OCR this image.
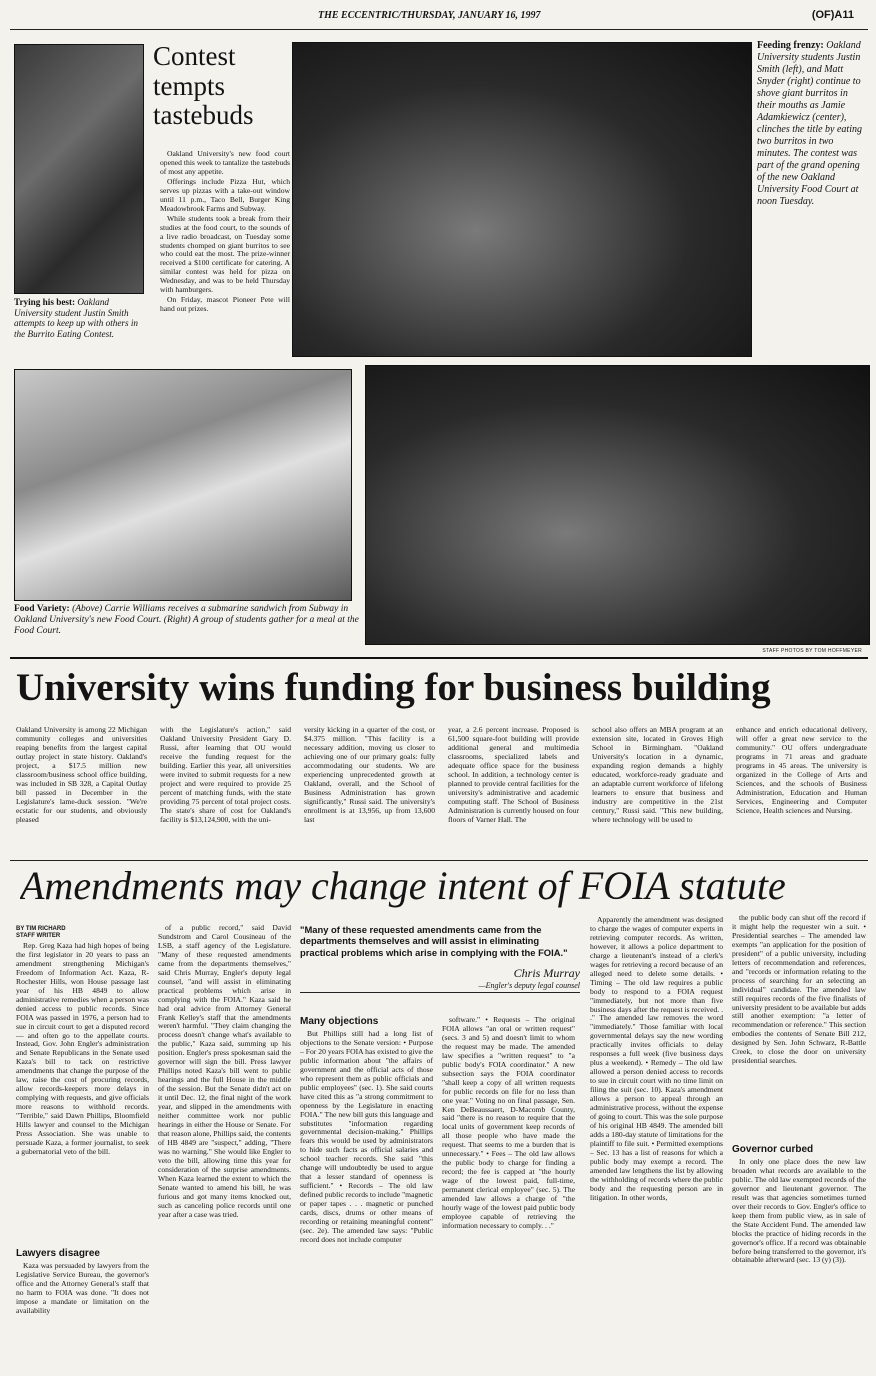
THE ECCENTRIC/THURSDAY, JANUARY 16, 1997	(OF)A11
Trying his best: Oakland University student Justin Smith attempts to keep up with others in the Burrito Eating Contest.
Contest tempts tastebuds

Oakland University's new food court opened this week to tantalize the tastebuds of most any appetite.

Offerings include Pizza Hut, which serves up pizzas with a take-out window until 11 p.m., Taco Bell, Burger King Meadowbrook Farms and Subway.

While students took a break from their studies at the food court, to the sounds of a live radio broadcast, on Tuesday some students chomped on giant burritos to see who could eat the most. The prize-winner received a $100 certificate for catering. A similar contest was held for pizza on Wednesday, and was to be held Thursday with hamburgers.

On Friday, mascot Pioneer Pete will hand out prizes.

Feeding frenzy: Oakland University students Justin Smith (left), and Matt Snyder (right) continue to shove giant burritos in their mouths as Jamie Adamkiewicz (center), clinches the title by eating two burritos in two minutes. The contest was part of the grand opening of the new Oakland University Food Court at noon Tuesday.
Food Variety: (Above) Carrie Williams receives a submarine sandwich from Subway in Oakland University's new Food Court. (Right) A group of students gather for a meal at the Food Court.
STAFF PHOTOS BY TOM HOFFMEYER
University wins funding for business building
Oakland University is among 22 Michigan community colleges and universities reaping benefits from the largest capital outlay project in state history. Oakland's project, a $17.5 million new classroom/business school office building, was included in SB 328, a Capital Outlay bill passed in December in the Legislature's lame-duck session. "We're ecstatic for our students, and obviously pleased
with the Legislature's action," said Oakland University President Gary D. Russi, after learning that OU would receive the funding request for the building. Earlier this year, all universities were invited to submit requests for a new project and were required to provide 25 percent of matching funds, with the state providing 75 percent of total project costs. The state's share of cost for Oakland's facility is $13,124,900, with the uni-
versity kicking in a quarter of the cost, or $4.375 million. "This facility is a necessary addition, moving us closer to achieving one of our primary goals: fully accommodating our students. We are experiencing unprecedented growth at Oakland, overall, and the School of Business Administration has grown significantly," Russi said. The university's enrollment is at 13,956, up from 13,600 last
year, a 2.6 percent increase. Proposed is 61,500 square-foot building will provide additional general and multimedia classrooms, specialized labels and adequate office space for the business school. In addition, a technology center is planned to provide central facilities for the university's administrative and academic computing staff. The School of Business Administration is currently housed on four floors of Varner Hall. The
school also offers an MBA program at an extension site, located in Groves High School in Birmingham. "Oakland University's location in a dynamic, expanding region demands a highly educated, workforce-ready graduate and an adaptable current workforce of lifelong learners to ensure that business and industry are competitive in the 21st century," Russi said. "This new building, where technology will be used to
enhance and enrich educational delivery, will offer a great new service to the community." OU offers undergraduate programs in 71 areas and graduate programs in 45 areas. The university is organized in the College of Arts and Sciences, and the schools of Business Administration, Education and Human Services, Engineering and Computer Science, Health sciences and Nursing.
Amendments may change intent of FOIA statute
BY TIM RICHARD
STAFF WRITER

Rep. Greg Kaza had high hopes of being the first legislator in 20 years to pass an amendment strengthening Michigan's Freedom of Information Act. Kaza, R-Rochester Hills, won House passage last year of his HB 4849 to allow administrative remedies when a person was denied access to public records. Since FOIA was passed in 1976, a person had to sue in circuit court to get a disputed record — and often go to the appellate courts. Instead, Gov. John Engler's administration and Senate Republicans in the Senate used Kaza's bill to tack on restrictive amendments that change the purpose of the law, raise the cost of procuring records, allow records-keepers more delays in complying with requests, and give officials more reasons to withhold records. "Terrible," said Dawn Phillips, Bloomfield Hills lawyer and counsel to the Michigan Press Association. She was unable to persuade Kaza, a former journalist, to seek a gubernatorial veto of the bill.

Lawyers disagree

Kaza was persuaded by lawyers from the Legislative Service Bureau, the governor's office and the Attorney General's staff that no harm to FOIA was done. "It does not impose a mandate or limitation on the availability

of a public record," said David Sundstrom and Carol Cousineau of the LSB, a staff agency of the Legislature. "Many of these requested amendments came from the departments themselves," said Chris Murray, Engler's deputy legal counsel, "and will assist in eliminating practical problems which arise in complying with the FOIA." Kaza said he had oral advice from Attorney General Frank Kelley's staff that the amendments weren't harmful. "They claim changing the process doesn't change what's available to the public," Kaza said, summing up his position. Engler's press spokesman said the governor will sign the bill. Press lawyer Phillips noted Kaza's bill went to public hearings and the full House in the middle of the session. But the Senate didn't act on it until Dec. 12, the final night of the work year, and slipped in the amendments with neither committee work nor public hearings in either the House or Senate. For that reason alone, Phillips said, the contents of HB 4849 are "suspect," adding, "There was no warning." She would like Engler to veto the bill, allowing time this year for consideration of the surprise amendments. When Kaza learned the extent to which the Senate wanted to amend his bill, he was furious and got many items knocked out, such as canceling police records until one year after a case was tried.

"Many of these requested amendments came from the departments themselves and will assist in eliminating practical problems which arise in complying with the FOIA."
Chris Murray
—Engler's deputy legal counsel
Many objections

But Phillips still had a long list of objections to the Senate version: • Purpose – For 20 years FOIA has existed to give the public information about "the affairs of government and the official acts of those who represent them as public officials and public employees" (sec. 1). She said courts have cited this as "a strong commitment to openness by the Legislature in enacting FOIA." The new bill guts this language and substitutes "information regarding governmental decision-making." Phillips fears this would be used by administrators to hide such facts as official salaries and school teacher records. She said "this change will undoubtedly be used to argue that a lesser standard of openness is sufficient." • Records – The old law defined public records to include "magnetic or paper tapes . . . magnetic or punched cards, discs, drums or other means of recording or retaining meaningful content" (sec. 2e). The amended law says: "Public record does not include computer

software." • Requests – The original FOIA allows "an oral or written request" (secs. 3 and 5) and doesn't limit to whom the request may be made. The amended law specifies a "written request" to "a public body's FOIA coordinator." A new subsection says the FOIA coordinator "shall keep a copy of all written requests for public records on file for no less than one year." Voting no on final passage, Sen. Ken DeBeaussaert, D-Macomb County, said "there is no reason to require that the local units of government keep records of all those people who have made the request. That seems to me a burden that is unnecessary." • Fees – The old law allows the public body to charge for finding a record; the fee is capped at "the hourly wage of the lowest paid, full-time, permanent clerical employee" (sec. 5). The amended law allows a charge of "the hourly wage of the lowest paid public body employee capable of retrieving the information necessary to comply. . ."

Apparently the amendment was designed to charge the wages of computer experts in retrieving computer records. As written, however, it allows a police department to charge a lieutenant's instead of a clerk's wages for retrieving a record because of an alleged need to delete some details. • Timing – The old law requires a public body to respond to a FOIA request "immediately, but not more than five business days after the request is received. . ." The amended law removes the word "immediately." Those familiar with local governmental delays say the new wording practically invites officials to delay responses a full week (five business days plus a weekend). • Remedy – The old law allowed a person denied access to records to sue in circuit court with no time limit on filing the suit (sec. 10). Kaza's amendment allows a person to appeal through an administrative process, without the expense of going to court. This was the sole purpose of his original HB 4849. The amended bill adds a 180-day statute of limitations for the plaintiff to file suit. • Permitted exemptions – Sec. 13 has a list of reasons for which a public body may exempt a record. The amended law lengthens the list by allowing the withholding of records where the public body and the requesting person are in litigation. In other words,

the public body can shut off the record if it might help the requester win a suit. • Presidential searches – The amended law exempts "an application for the position of president" of a public university, including letters of recommendation and references, and "records or information relating to the process of searching for an selecting an individual" candidate. The amended law still requires records of the five finalists of university president to be available but adds still another exemption: "a letter of recommendation or reference." This section embodies the contents of Senate Bill 212, designed by Sen. John Schwarz, R-Battle Creek, to close the door on university presidential searches.

Governor curbed

In only one place does the new law broaden what records are available to the public. The old law exempted records of the governor and lieutenant governor. The result was that agencies sometimes turned over their records to Gov. Engler's office to keep them from public view, as in sale of the State Accident Fund. The amended law blocks the practice of hiding records in the governor's office. If a record was obtainable before being transferred to the governor, it's obtainable afterward (sec. 13 (y) (3)).
